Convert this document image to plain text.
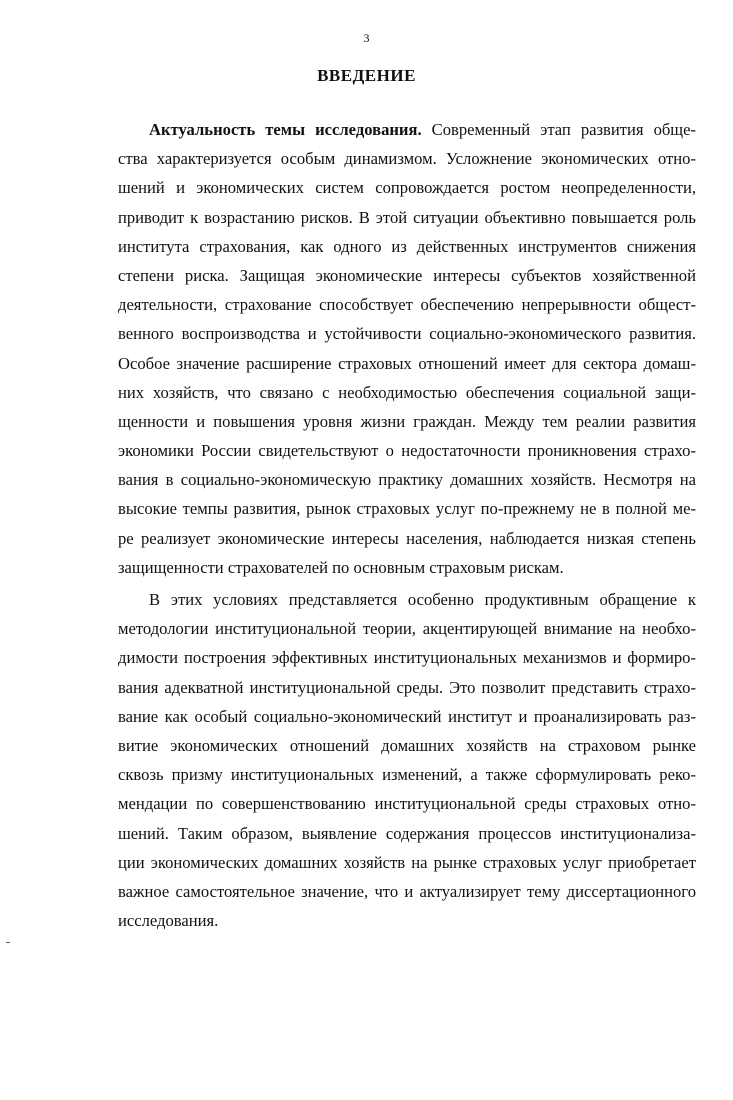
3
ВВЕДЕНИЕ
Актуальность темы исследования. Современный этап развития обще-
ства характеризуется особым динамизмом. Усложнение экономических отно-
шений и экономических систем сопровождается ростом неопределенности,
приводит к возрастанию рисков. В этой ситуации объективно повышается роль
института страхования, как одного из действенных инструментов снижения
степени риска. Защищая экономические интересы субъектов хозяйственной
деятельности, страхование способствует обеспечению непрерывности общест-
венного воспроизводства и устойчивости социально-экономического развития.
Особое значение расширение страховых отношений имеет для сектора домаш-
них хозяйств, что связано с необходимостью обеспечения социальной защи-
щенности и повышения уровня жизни граждан. Между тем реалии развития
экономики России свидетельствуют о недостаточности проникновения страхо-
вания в социально-экономическую практику домашних хозяйств. Несмотря на
высокие темпы развития, рынок страховых услуг по-прежнему не в полной ме-
ре реализует экономические интересы населения, наблюдается низкая степень
защищенности страхователей по основным страховым рискам.
В этих условиях представляется особенно продуктивным обращение к
методологии институциональной теории, акцентирующей внимание на необхо-
димости построения эффективных институциональных механизмов и формиро-
вания адекватной институциональной среды. Это позволит представить страхо-
вание как особый социально-экономический институт и проанализировать раз-
витие экономических отношений домашних хозяйств на страховом рынке
сквозь призму институциональных изменений, а также сформулировать реко-
мендации по совершенствованию институциональной среды страховых отно-
шений. Таким образом, выявление содержания процессов институционализа-
ции экономических домашних хозяйств на рынке страховых услуг приобретает
важное самостоятельное значение, что и актуализирует тему диссертационного
исследования.
